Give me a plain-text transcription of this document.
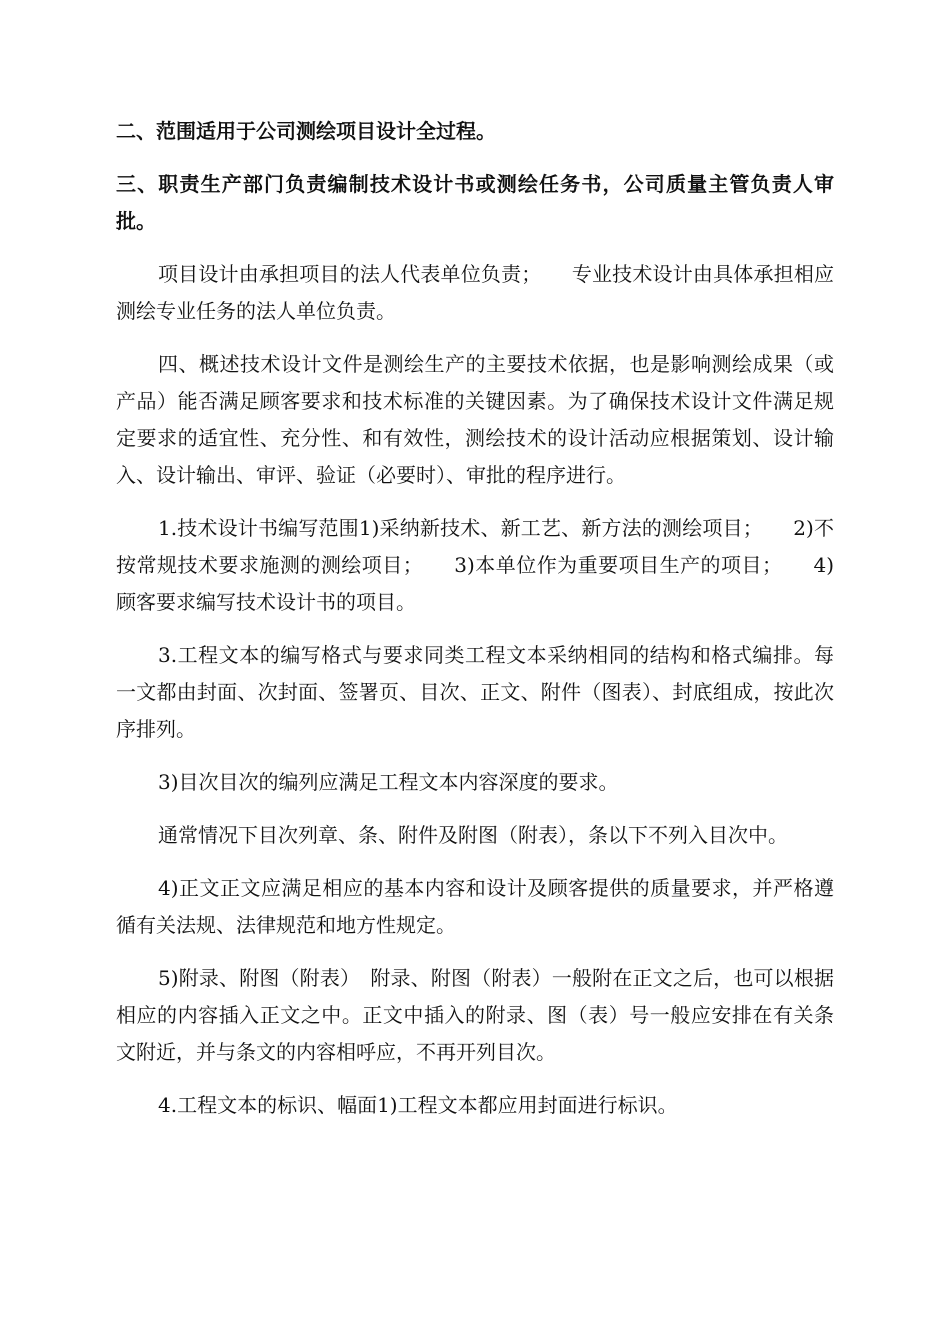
二、范围适用于公司测绘项目设计全过程。

三、职责生产部门负责编制技术设计书或测绘任务书，公司质量主管负责人审批。

项目设计由承担项目的法人代表单位负责；　　专业技术设计由具体承担相应测绘专业任务的法人单位负责。

四、概述技术设计文件是测绘生产的主要技术依据，也是影响测绘成果（或产品）能否满足顾客要求和技术标准的关键因素。为了确保技术设计文件满足规定要求的适宜性、充分性、和有效性，测绘技术的设计活动应根据策划、设计输入、设计输出、审评、验证（必要时）、审批的程序进行。

1.技术设计书编写范围1)采纳新技术、新工艺、新方法的测绘项目；　　2)不按常规技术要求施测的测绘项目；　　3)本单位作为重要项目生产的项目；　　4)顾客要求编写技术设计书的项目。

3.工程文本的编写格式与要求同类工程文本采纳相同的结构和格式编排。每一文都由封面、次封面、签署页、目次、正文、附件（图表）、封底组成，按此次序排列。

3)目次目次的编列应满足工程文本内容深度的要求。

通常情况下目次列章、条、附件及附图（附表），条以下不列入目次中。

4)正文正文应满足相应的基本内容和设计及顾客提供的质量要求，并严格遵循有关法规、法律规范和地方性规定。

5)附录、附图（附表）　附录、附图（附表）一般附在正文之后，也可以根据相应的内容插入正文之中。正文中插入的附录、图（表）号一般应安排在有关条文附近，并与条文的内容相呼应，不再开列目次。

4.工程文本的标识、幅面1)工程文本都应用封面进行标识。
